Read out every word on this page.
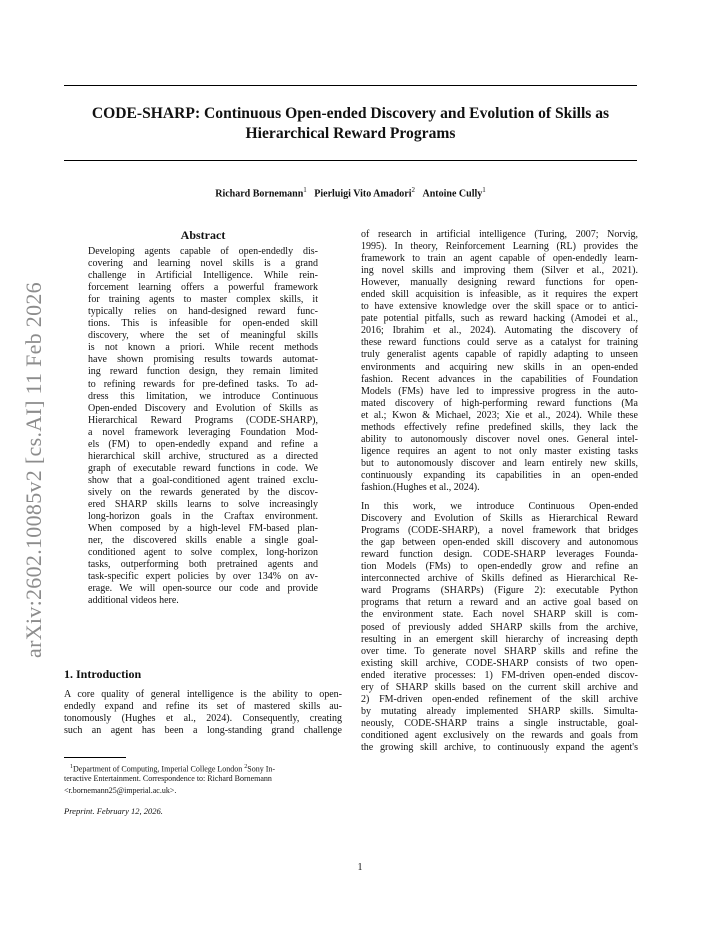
CODE-SHARP: Continuous Open-ended Discovery and Evolution of Skills as
Hierarchical Reward Programs
Richard Bornemann$^1$ Pierluigi Vito Amadori$^2$ Antoine Cully$^1$
arXiv:2602.10085v2 [cs.AI] 11 Feb 2026
Abstract
Developing agents capable of open-endedly dis-
covering and learning novel skills is a grand
challenge in Artificial Intelligence. While rein-
forcement learning offers a powerful framework
for training agents to master complex skills, it
typically relies on hand-designed reward func-
tions. This is infeasible for open-ended skill
discovery, where the set of meaningful skills
is not known a priori. While recent methods
have shown promising results towards automat-
ing reward function design, they remain limited
to refining rewards for pre-defined tasks. To ad-
dress this limitation, we introduce Continuous
Open-ended Discovery and Evolution of Skills as
Hierarchical Reward Programs (CODE-SHARP),
a novel framework leveraging Foundation Mod-
els (FM) to open-endedly expand and refine a
hierarchical skill archive, structured as a directed
graph of executable reward functions in code. We
show that a goal-conditioned agent trained exclu-
sively on the rewards generated by the discov-
ered SHARP skills learns to solve increasingly
long-horizon goals in the Craftax environment.
When composed by a high-level FM-based plan-
ner, the discovered skills enable a single goal-
conditioned agent to solve complex, long-horizon
tasks, outperforming both pretrained agents and
task-specific expert policies by over 134% on av-
erage. We will open-source our code and provide
additional videos here.
1. Introduction
A core quality of general intelligence is the ability to open-
endedly expand and refine its set of mastered skills au-
tonomously (Hughes et al., 2024). Consequently, creating
such an agent has been a long-standing grand challenge
$^1$Department of Computing, Imperial College London $^2$Sony In-
teractive Entertainment. Correspondence to: Richard Bornemann
<r.bornemann25@imperial.ac.uk>.
Preprint. February 12, 2026.
of research in artificial intelligence (Turing, 2007; Norvig,
1995). In theory, Reinforcement Learning (RL) provides the
framework to train an agent capable of open-endedly learn-
ing novel skills and improving them (Silver et al., 2021).
However, manually designing reward functions for open-
ended skill acquisition is infeasible, as it requires the expert
to have extensive knowledge over the skill space or to antici-
pate potential pitfalls, such as reward hacking (Amodei et al.,
2016; Ibrahim et al., 2024). Automating the discovery of
these reward functions could serve as a catalyst for training
truly generalist agents capable of rapidly adapting to unseen
environments and acquiring new skills in an open-ended
fashion. Recent advances in the capabilities of Foundation
Models (FMs) have led to impressive progress in the auto-
mated discovery of high-performing reward functions (Ma
et al.; Kwon & Michael, 2023; Xie et al., 2024). While these
methods effectively refine predefined skills, they lack the
ability to autonomously discover novel ones. General intel-
ligence requires an agent to not only master existing tasks
but to autonomously discover and learn entirely new skills,
continuously expanding its capabilities in an open-ended
fashion.(Hughes et al., 2024).
In this work, we introduce Continuous Open-ended
Discovery and Evolution of Skills as Hierarchical Reward
Programs (CODE-SHARP), a novel framework that bridges
the gap between open-ended skill discovery and autonomous
reward function design. CODE-SHARP leverages Founda-
tion Models (FMs) to open-endedly grow and refine an
interconnected archive of Skills defined as Hierarchical Re-
ward Programs (SHARPs) (Figure 2): executable Python
programs that return a reward and an active goal based on
the environment state. Each novel SHARP skill is com-
posed of previously added SHARP skills from the archive,
resulting in an emergent skill hierarchy of increasing depth
over time. To generate novel SHARP skills and refine the
existing skill archive, CODE-SHARP consists of two open-
ended iterative processes: 1) FM-driven open-ended discov-
ery of SHARP skills based on the current skill archive and
2) FM-driven open-ended refinement of the skill archive
by mutating already implemented SHARP skills. Simulta-
neously, CODE-SHARP trains a single instructable, goal-
conditioned agent exclusively on the rewards and goals from
the growing skill archive, to continuously expand the agent's
1
